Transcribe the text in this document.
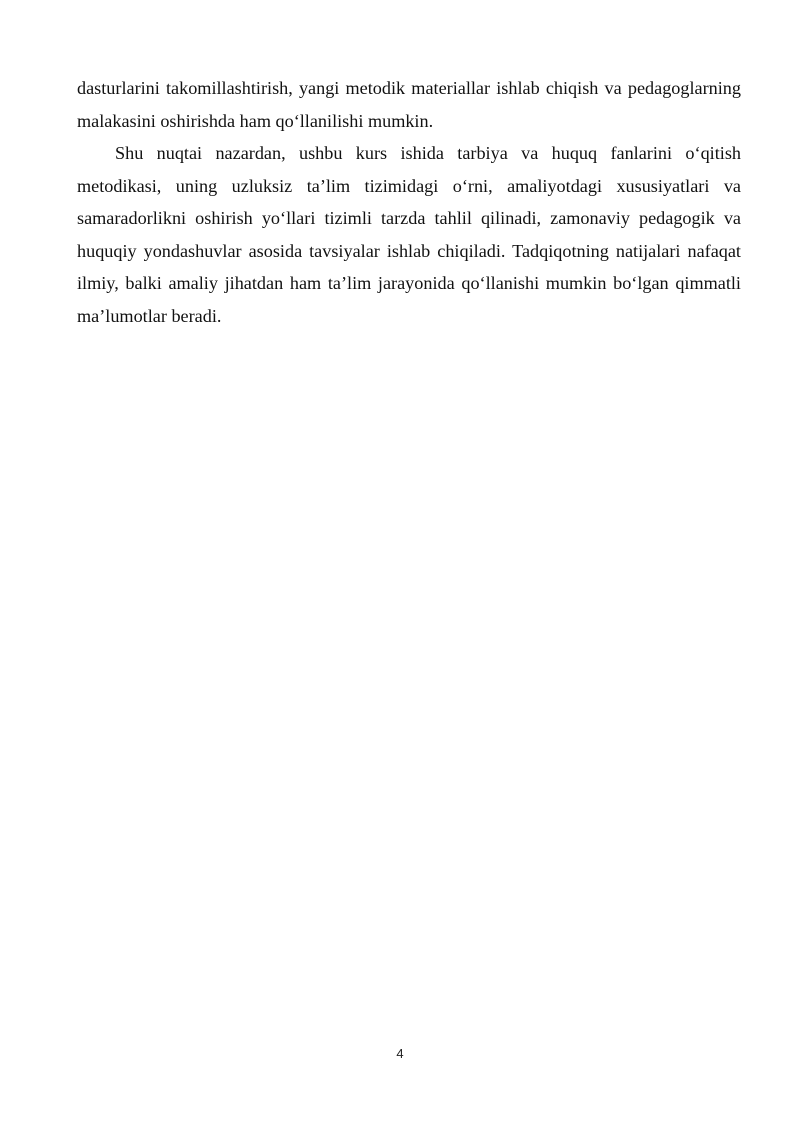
dasturlarini takomillashtirish, yangi metodik materiallar ishlab chiqish va pedagoglarning
malakasini oshirishda ham qo‘llanilishi mumkin.

Shu nuqtai nazardan, ushbu kurs ishida tarbiya va huquq fanlarini o‘qitish
metodikasi, uning uzluksiz ta’lim tizimidagi o‘rni, amaliyotdagi xususiyatlari va
samaradorlikni oshirish yo‘llari tizimli tarzda tahlil qilinadi, zamonaviy pedagogik va
huquqiy yondashuvlar asosida tavsiyalar ishlab chiqiladi. Tadqiqotning natijalari nafaqat
ilmiy, balki amaliy jihatdan ham ta’lim jarayonida qo‘llanishi mumkin bo‘lgan qimmatli
ma’lumotlar beradi.

4
